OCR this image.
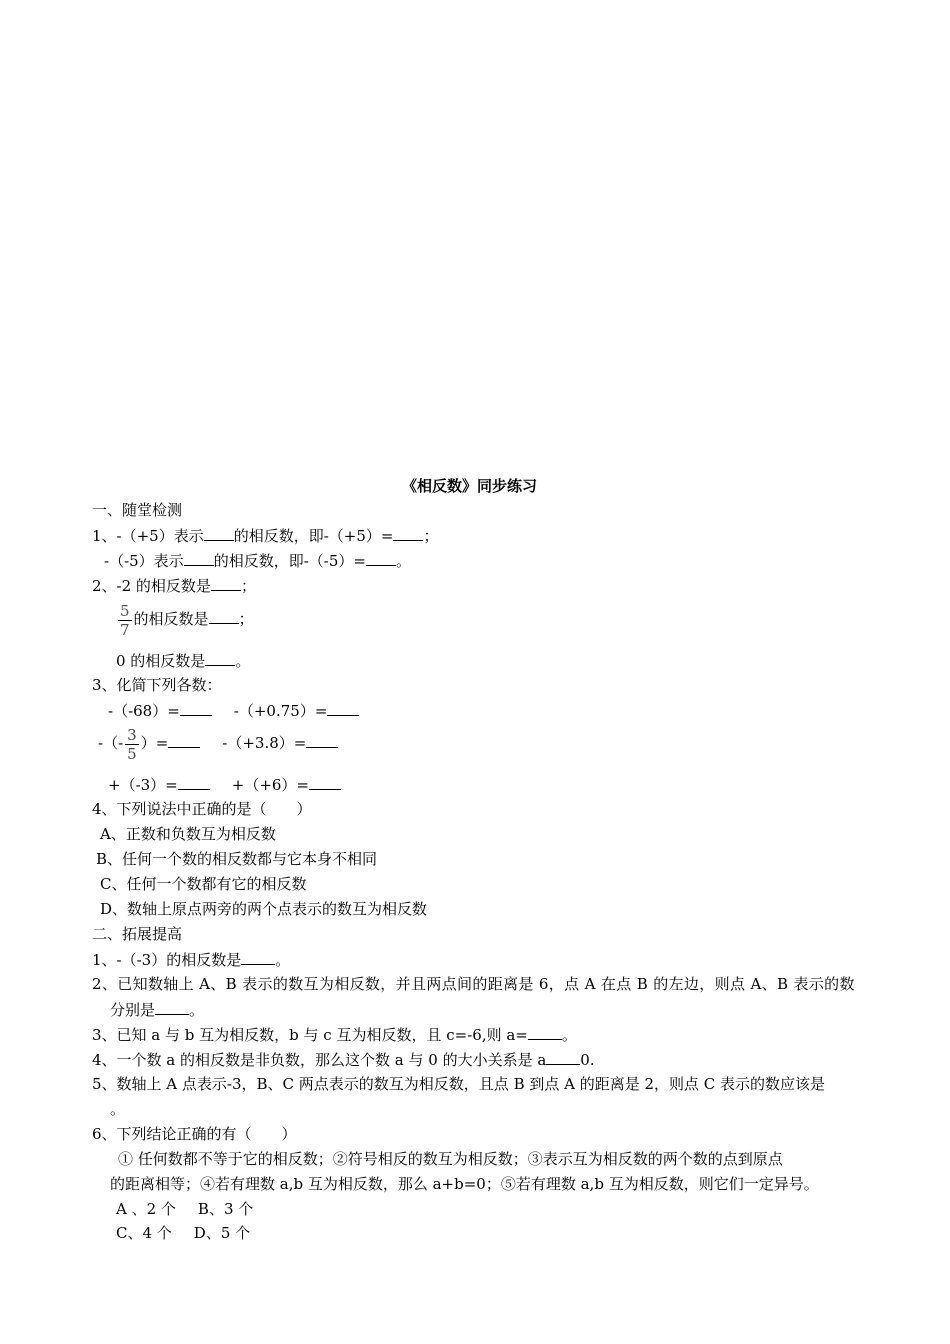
《相反数》同步练习
一、随堂检测
1、-（+5）表示 的相反数，即-（+5）= ；
-（-5）表示 的相反数，即-（-5）= 。
2、-2 的相反数是 ；
$\frac{5}{7}$ 的相反数是 ；
0 的相反数是 。
3、化简下列各数：
-（-68）=	-（+0.75）=
-（- $\frac{3}{5}$ ）=	-（+3.8）=
+（-3）=	+（+6）=
4、下列说法中正确的是（　　）
A、正数和负数互为相反数
B、任何一个数的相反数都与它本身不相同
C、任何一个数都有它的相反数
D、数轴上原点两旁的两个点表示的数互为相反数
二、拓展提高
1、-（-3）的相反数是 。
2、已知数轴上 A、B 表示的数互为相反数，并且两点间的距离是 6，点 A 在点 B 的左边，则点 A、B 表示的数
分别是 。
3、已知 a 与 b 互为相反数，b 与 c 互为相反数，且 c=-6,则 a= 。
4、一个数 a 的相反数是非负数，那么这个数 a 与 0 的大小关系是 a 0.
5、数轴上 A 点表示-3，B、C 两点表示的数互为相反数，且点 B 到点 A 的距离是 2，则点 C 表示的数应该是
。
6、下列结论正确的有（　　）
① 任何数都不等于它的相反数；②符号相反的数互为相反数；③表示互为相反数的两个数的点到原点
的距离相等；④若有理数 a,b 互为相反数，那么 a+b=0；⑤若有理数 a,b 互为相反数，则它们一定异号。
A 、2 个 B、3 个
C、4 个 D、5 个
